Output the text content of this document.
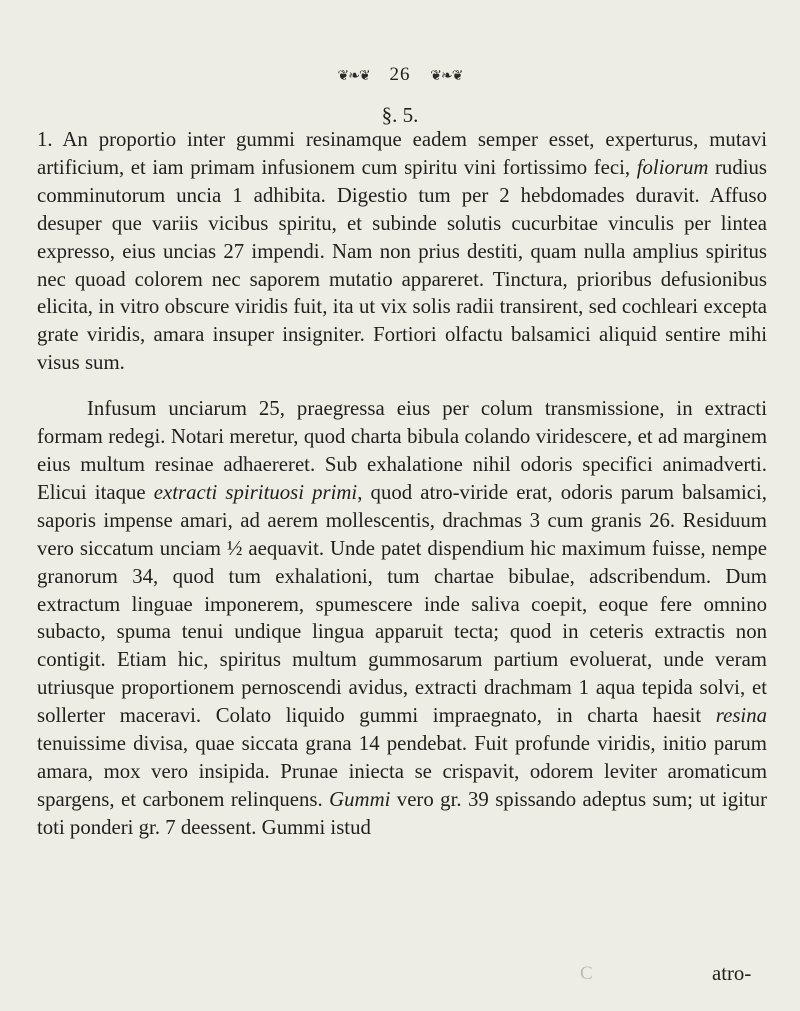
❦❧❦ 26 ❦❧❦
§. 5.

1. An proportio inter gummi resinamque eadem semper esset, experturus, mutavi artificium, et iam primam infusionem cum spiritu vini fortissimo feci, foliorum rudius comminutorum uncia 1 adhibita. Digestio tum per 2 hebdomades duravit. Affuso desuper que variis vicibus spiritu, et subinde solutis cucurbitae vinculis per lintea expresso, eius uncias 27 impendi. Nam non prius destiti, quam nulla amplius spiritus nec quoad colorem nec saporem mutatio appareret. Tinctura, prioribus defusionibus elicita, in vitro obscure viridis fuit, ita ut vix solis radii transirent, sed cochleari excepta grate viridis, amara insuper insigniter. Fortiori olfactu balsamici aliquid sentire mihi visus sum.

Infusum unciarum 25, praegressa eius per colum transmissione, in extracti formam redegi. Notari meretur, quod charta bibula colando viridescere, et ad marginem eius multum resinae adhaereret. Sub exhalatione nihil odoris specifici animadverti. Elicui itaque extracti spirituosi primi, quod atro-viride erat, odoris parum balsamici, saporis impense amari, ad aerem mollescentis, drachmas 3 cum granis 26. Residuum vero siccatum unciam ½ aequavit. Unde patet dispendium hic maximum fuisse, nempe granorum 34, quod tum exhalationi, tum chartae bibulae, adscribendum. Dum extractum linguae imponerem, spumescere inde saliva coepit, eoque fere omnino subacto, spuma tenui undique lingua apparuit tecta; quod in ceteris extractis non contigit. Etiam hic, spiritus multum gummosarum partium evoluerat, unde veram utriusque proportionem pernoscendi avidus, extracti drachmam 1 aqua tepida solvi, et sollerter maceravi. Colato liquido gummi impraegnato, in charta haesit resina tenuissime divisa, quae siccata grana 14 pendebat. Fuit profunde viridis, initio parum amara, mox vero insipida. Prunae iniecta se crispavit, odorem leviter aromaticum spargens, et carbonem relinquens. Gummi vero gr. 39 spissando adeptus sum; ut igitur toti ponderi gr. 7 deessent. Gummi istud

C	atro-
